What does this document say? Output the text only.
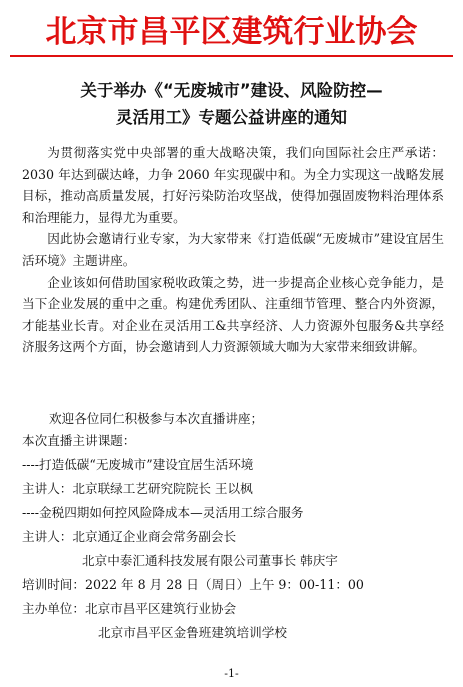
北京市昌平区建筑行业协会
关于举办《“无废城市”建设、风险防控—
灵活用工》专题公益讲座的通知

为贯彻落实党中央部署的重大战略决策，我们向国际社会庄严承诺：2030 年达到碳达峰，力争 2060 年实现碳中和。为全力实现这一战略发展目标，推动高质量发展，打好污染防治攻坚战，使得加强固废物料治理体系和治理能力，显得尤为重要。

因此协会邀请行业专家，为大家带来《打造低碳“无废城市”建设宜居生活环境》主题讲座。

企业该如何借助国家税收政策之势，进一步提高企业核心竞争能力，是当下企业发展的重中之重。构建优秀团队、注重细节管理、整合内外资源，才能基业长青。对企业在灵活用工&共享经济、人力资源外包服务&共享经济服务这两个方面，协会邀请到人力资源领域大咖为大家带来细致讲解。

欢迎各位同仁积极参与本次直播讲座；
本次直播主讲课题：
----打造低碳“无废城市”建设宜居生活环境
主讲人：北京联绿工艺研究院院长 王以枫
----金税四期如何控风险降成本—灵活用工综合服务
主讲人：北京通辽企业商会常务副会长
北京中泰汇通科技发展有限公司董事长 韩庆宇
培训时间：2022 年 8 月 28 日（周日）上午 9：00-11：00
主办单位：北京市昌平区建筑行业协会
北京市昌平区金鲁班建筑培训学校
-1-
